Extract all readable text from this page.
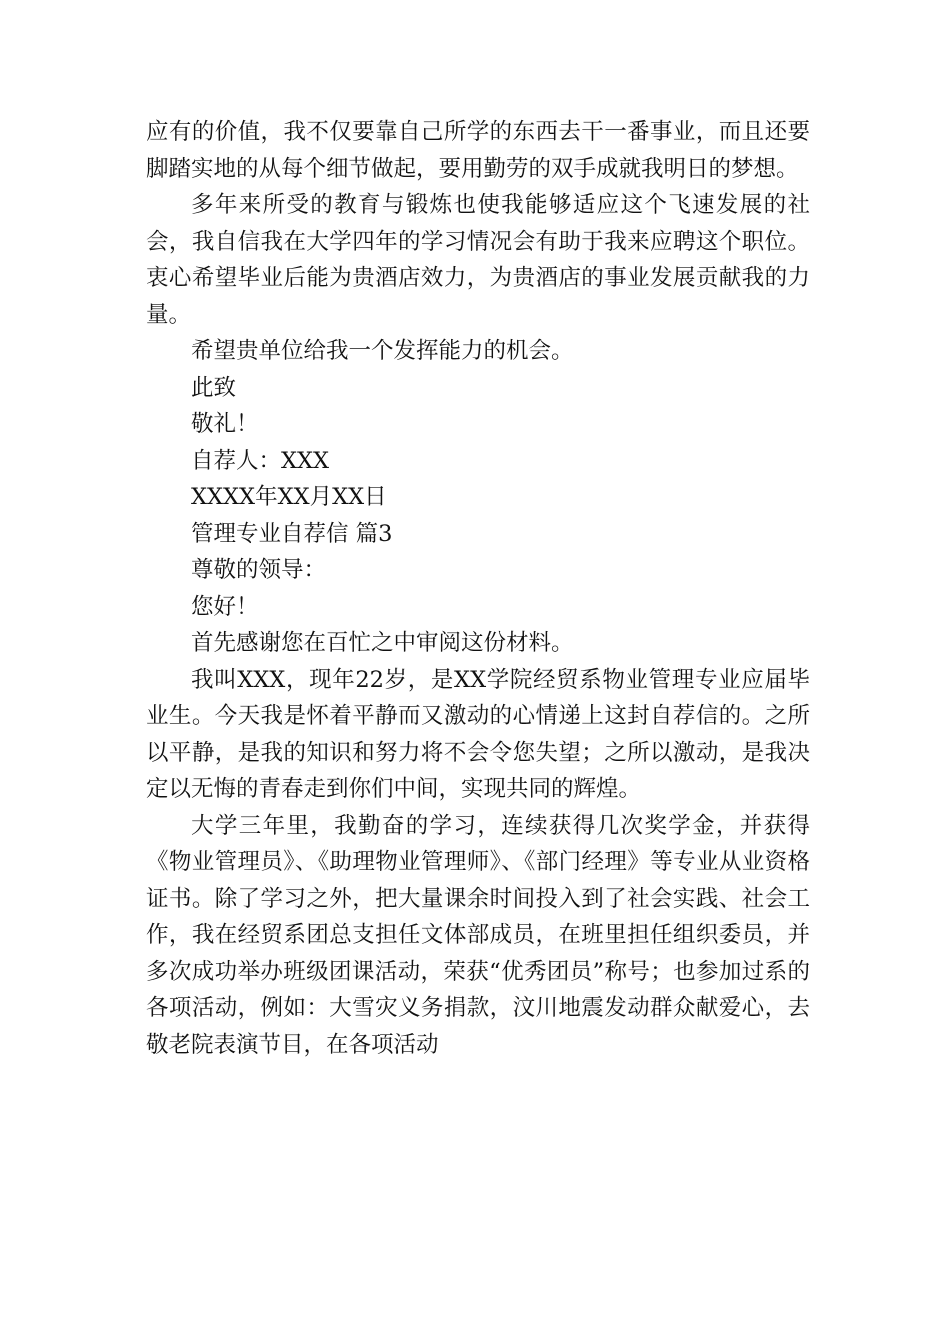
应有的价值，我不仅要靠自己所学的东西去干一番事业，而且还要脚踏实地的从每个细节做起，要用勤劳的双手成就我明日的梦想。

多年来所受的教育与锻炼也使我能够适应这个飞速发展的社会，我自信我在大学四年的学习情况会有助于我来应聘这个职位。衷心希望毕业后能为贵酒店效力，为贵酒店的事业发展贡献我的力量。

希望贵单位给我一个发挥能力的机会。

此致

敬礼！

自荐人：XXX

XXXX年XX月XX日

管理专业自荐信 篇3

尊敬的领导：

您好！

首先感谢您在百忙之中审阅这份材料。

我叫XXX，现年22岁，是XX学院经贸系物业管理专业应届毕业生。今天我是怀着平静而又激动的心情递上这封自荐信的。之所以平静，是我的知识和努力将不会令您失望；之所以激动，是我决定以无悔的青春走到你们中间，实现共同的辉煌。

大学三年里，我勤奋的学习，连续获得几次奖学金，并获得《物业管理员》、《助理物业管理师》、《部门经理》等专业从业资格证书。除了学习之外，把大量课余时间投入到了社会实践、社会工作，我在经贸系团总支担任文体部成员，在班里担任组织委员，并多次成功举办班级团课活动，荣获“优秀团员”称号；也参加过系的各项活动，例如：大雪灾义务捐款，汶川地震发动群众献爱心，去敬老院表演节目，在各项活动
